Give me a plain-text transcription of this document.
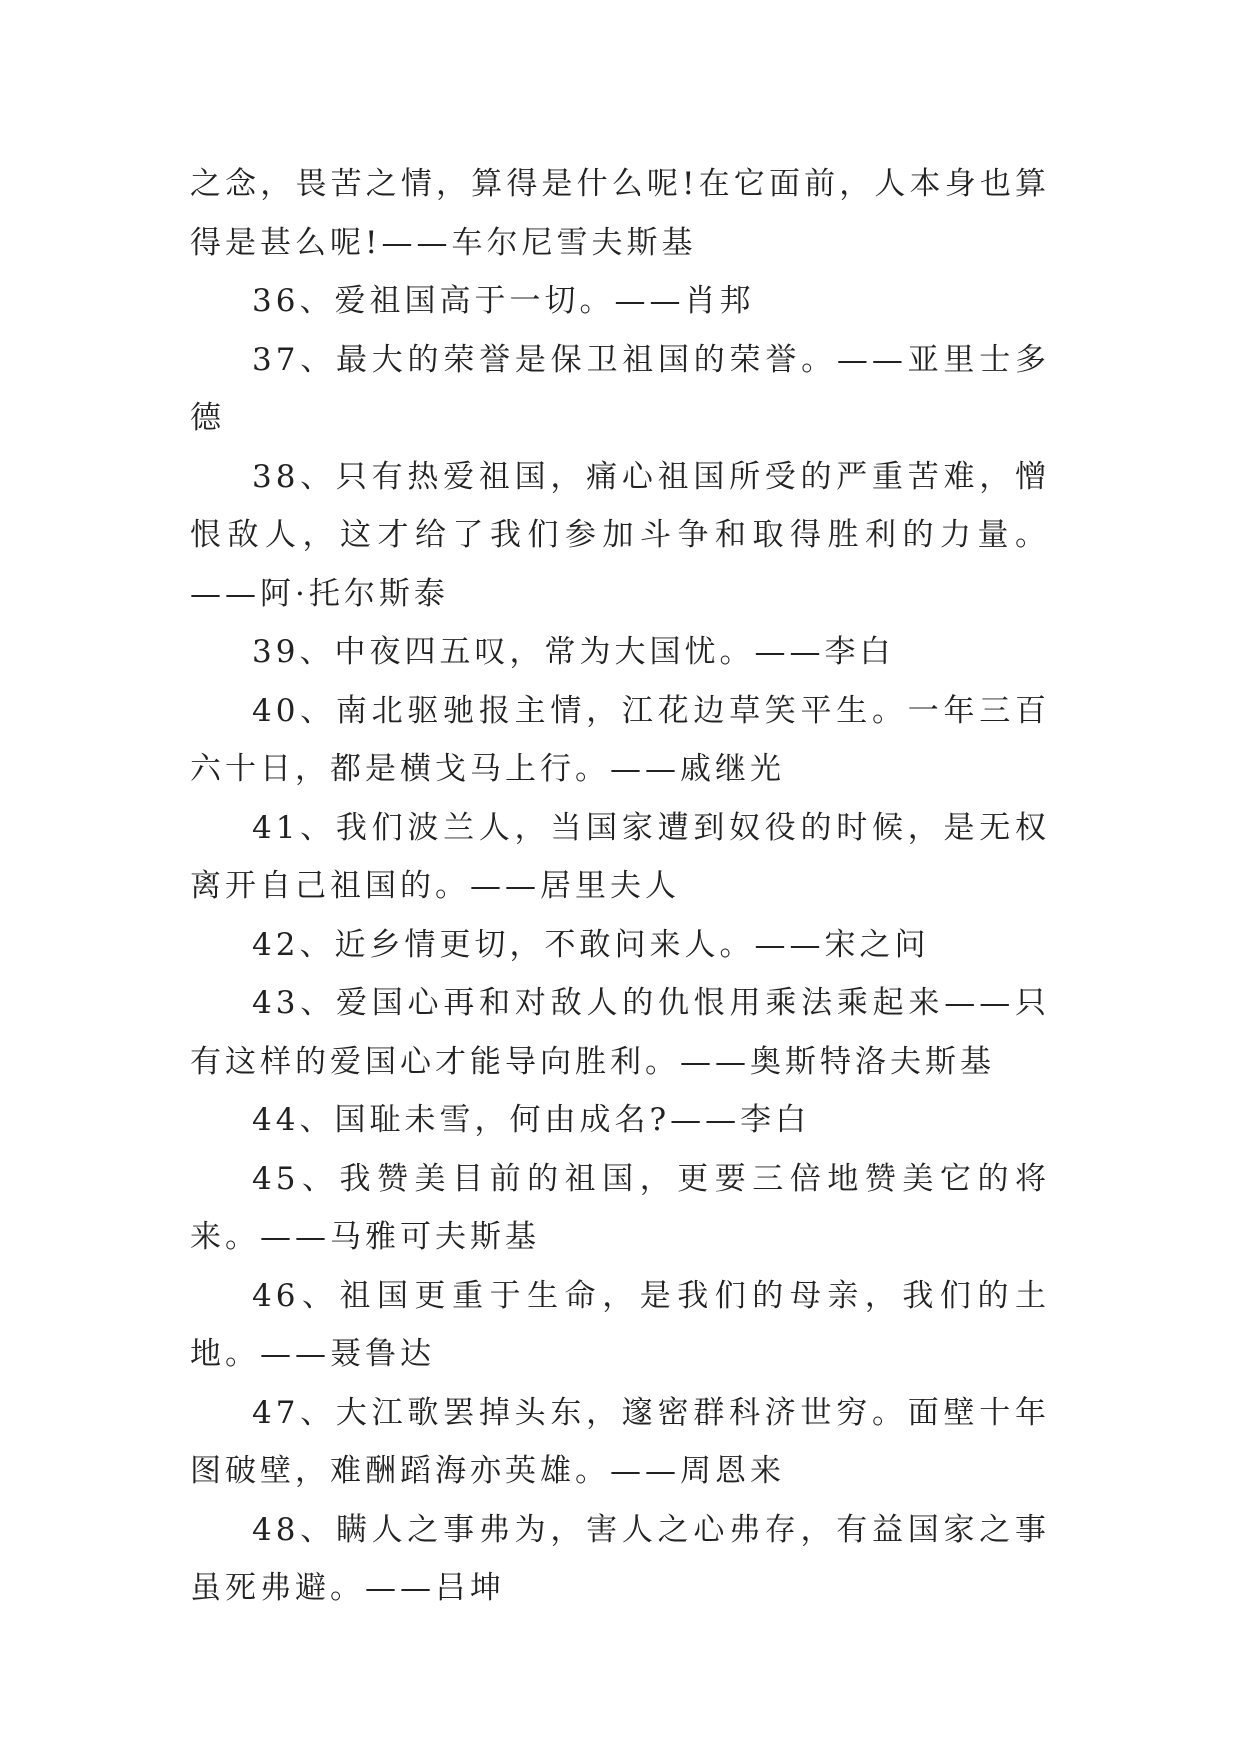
之念，畏苦之情，算得是什么呢!在它面前，人本身也算得是甚么呢!——车尔尼雪夫斯基

36、爱祖国高于一切。——肖邦

37、最大的荣誉是保卫祖国的荣誉。——亚里士多德

38、只有热爱祖国，痛心祖国所受的严重苦难，憎恨敌人，这才给了我们参加斗争和取得胜利的力量。——阿·托尔斯泰

39、中夜四五叹，常为大国忧。——李白

40、南北驱驰报主情，江花边草笑平生。一年三百六十日，都是横戈马上行。——戚继光

41、我们波兰人，当国家遭到奴役的时候，是无权离开自己祖国的。——居里夫人

42、近乡情更切，不敢问来人。——宋之问

43、爱国心再和对敌人的仇恨用乘法乘起来——只有这样的爱国心才能导向胜利。——奥斯特洛夫斯基

44、国耻未雪，何由成名?——李白

45、我赞美目前的祖国，更要三倍地赞美它的将来。——马雅可夫斯基

46、祖国更重于生命，是我们的母亲，我们的土地。——聂鲁达

47、大江歌罢掉头东，邃密群科济世穷。面壁十年图破壁，难酬蹈海亦英雄。——周恩来

48、瞒人之事弗为，害人之心弗存，有益国家之事虽死弗避。——吕坤
